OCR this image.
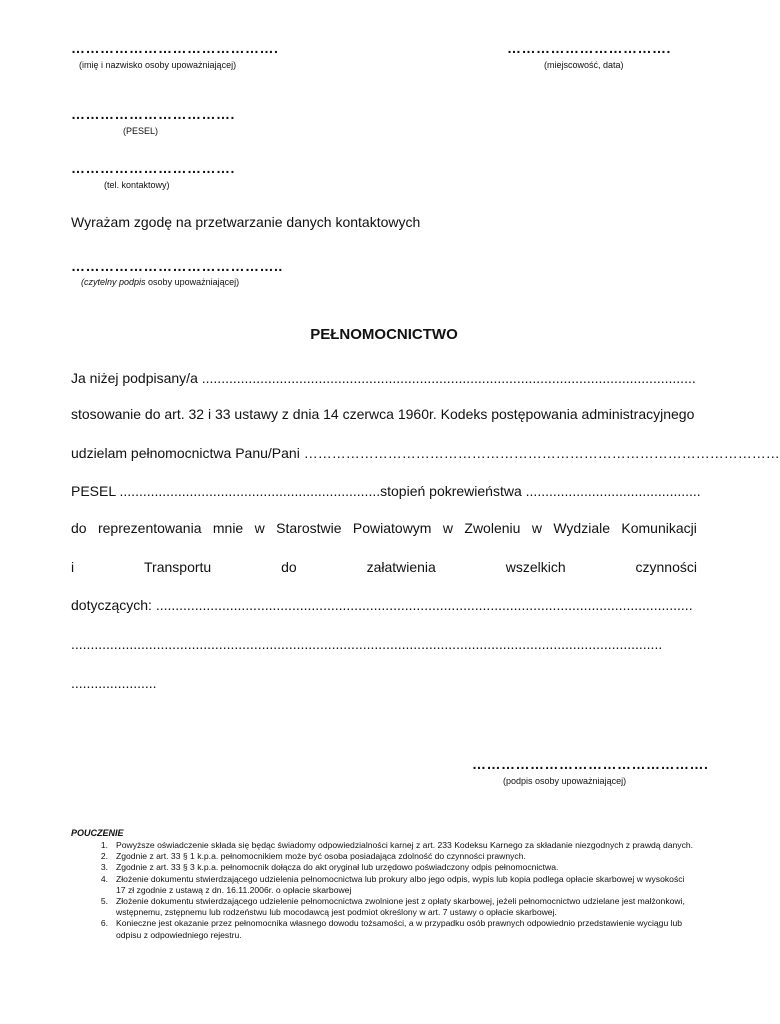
…………………………………….
(imię i nazwisko osoby upoważniającej)
…………………………….
(miejscowość, data)
…………………………….
(PESEL)
…………………………….
(tel. kontaktowy)
Wyrażam zgodę na przetwarzanie danych kontaktowych
……………………………………..
(czytelny podpis osoby upoważniającej)
PEŁNOMOCNICTWO
Ja niżej podpisany/a ...............................................................................................................................
stosowanie do art. 32 i 33 ustawy z dnia 14 czerwca 1960r. Kodeks postępowania administracyjnego
udzielam pełnomocnictwa Panu/Pani …………………………………………………………………………………………
PESEL ................................................................... stopień pokrewieństwa .............................................
do reprezentowania mnie w Starostwie Powiatowym w Zwoleniu w Wydziale Komunikacji
i	Transportu	do	załatwienia	wszelkich	czynności
dotyczących: ..........................................................................................................................................
........................................................................................................................................................
......................
………………………………………….
(podpis osoby upoważniającej)
POUCZENIE
1. Powyższe oświadczenie składa się będąc świadomy odpowiedzialności karnej z art. 233 Kodeksu Karnego za składanie niezgodnych z prawdą danych.
2. Zgodnie z art. 33 § 1 k.p.a. pełnomocnikiem może być osoba posiadająca zdolność do czynności prawnych.
3. Zgodnie z art. 33 § 3 k.p.a. pełnomocnik dołącza do akt oryginał lub urzędowo poświadczony odpis pełnomocnictwa.
4. Złożenie dokumentu stwierdzającego udzielenia pełnomocnictwa lub prokury albo jego odpis, wypis lub kopia podlega opłacie skarbowej w wysokości 17 zł zgodnie z ustawą z dn. 16.11.2006r. o opłacie skarbowej
5. Złożenie dokumentu stwierdzającego udzielenie pełnomocnictwa zwolnione jest z opłaty skarbowej, jeżeli pełnomocnictwo udzielane jest małżonkowi, wstępnemu, zstępnemu lub rodzeństwu lub mocodawcą jest podmiot określony w art. 7 ustawy o opłacie skarbowej.
6. Konieczne jest okazanie przez pełnomocnika własnego dowodu tożsamości, a w przypadku osób prawnych odpowiednio przedstawienie wyciągu lub odpisu z odpowiedniego rejestru.
